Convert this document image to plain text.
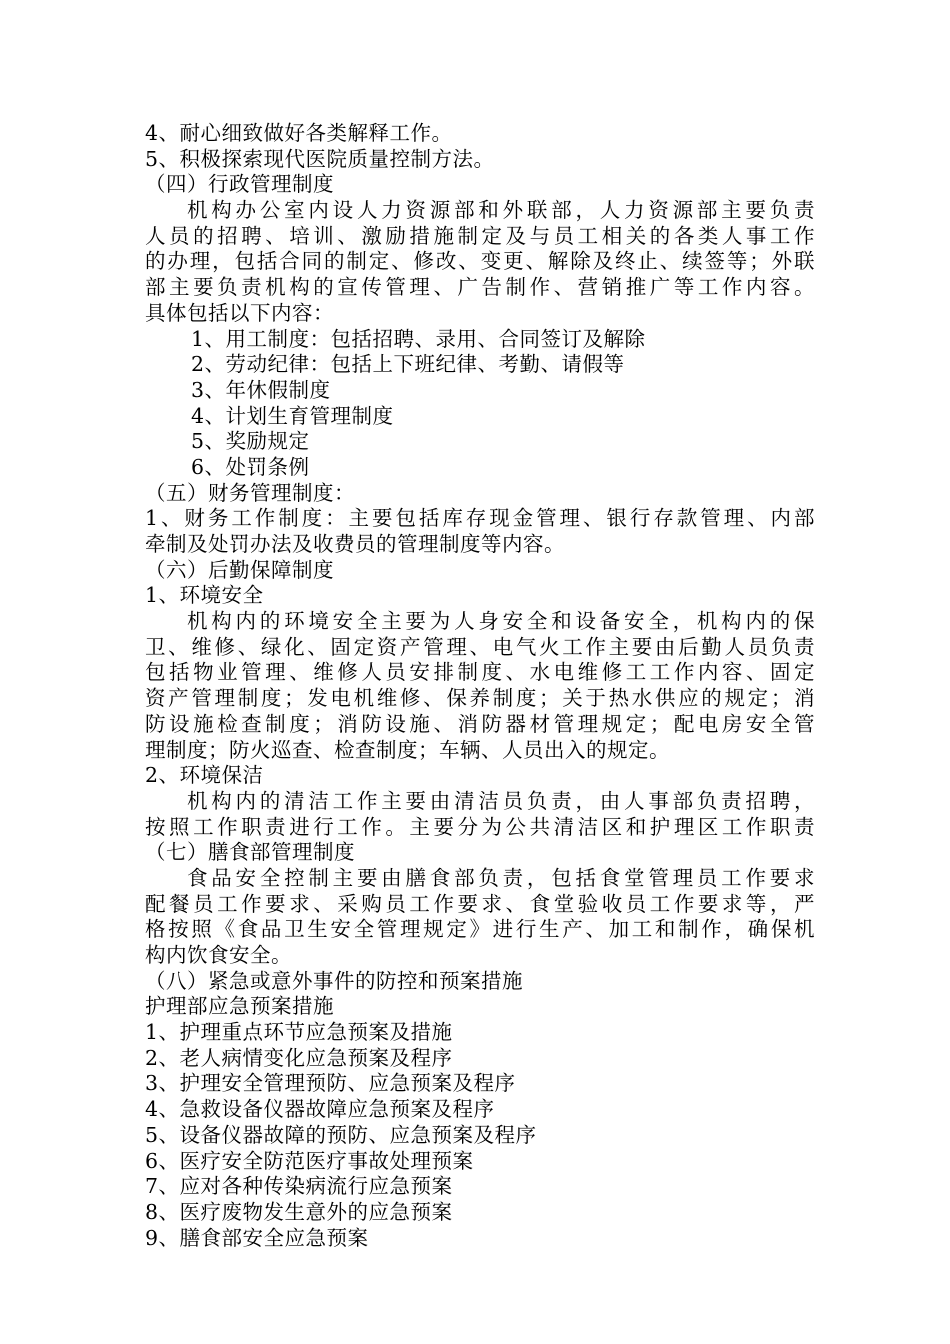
4、耐心细致做好各类解释工作。
5、积极探索现代医院质量控制方法。
（四）行政管理制度
机构办公室内设人力资源部和外联部，人力资源部主要负责
人员的招聘、培训、激励措施制定及与员工相关的各类人事工作
的办理，包括合同的制定、修改、变更、解除及终止、续签等；外联
部主要负责机构的宣传管理、广告制作、营销推广等工作内容。
具体包括以下内容：
1、用工制度：包括招聘、录用、合同签订及解除
2、劳动纪律：包括上下班纪律、考勤、请假等
3、年休假制度
4、计划生育管理制度
5、奖励规定
6、处罚条例
（五）财务管理制度：
1、财务工作制度：主要包括库存现金管理、银行存款管理、内部
牵制及处罚办法及收费员的管理制度等内容。
（六）后勤保障制度
1、环境安全
机构内的环境安全主要为人身安全和设备安全，机构内的保
卫、维修、绿化、固定资产管理、电气火工作主要由后勤人员负责
包括物业管理、维修人员安排制度、水电维修工工作内容、固定
资产管理制度；发电机维修、保养制度；关于热水供应的规定；消
防设施检查制度；消防设施、消防器材管理规定；配电房安全管
理制度；防火巡查、检查制度；车辆、人员出入的规定。
2、环境保洁
机构内的清洁工作主要由清洁员负责，由人事部负责招聘，
按照工作职责进行工作。主要分为公共清洁区和护理区工作职责
（七）膳食部管理制度
食品安全控制主要由膳食部负责，包括食堂管理员工作要求
配餐员工作要求、采购员工作要求、食堂验收员工作要求等，严
格按照《食品卫生安全管理规定》进行生产、加工和制作，确保机
构内饮食安全。
（八）紧急或意外事件的防控和预案措施
护理部应急预案措施
1、护理重点环节应急预案及措施
2、老人病情变化应急预案及程序
3、护理安全管理预防、应急预案及程序
4、急救设备仪器故障应急预案及程序
5、设备仪器故障的预防、应急预案及程序
6、医疗安全防范医疗事故处理预案
7、应对各种传染病流行应急预案
8、医疗废物发生意外的应急预案
9、膳食部安全应急预案
